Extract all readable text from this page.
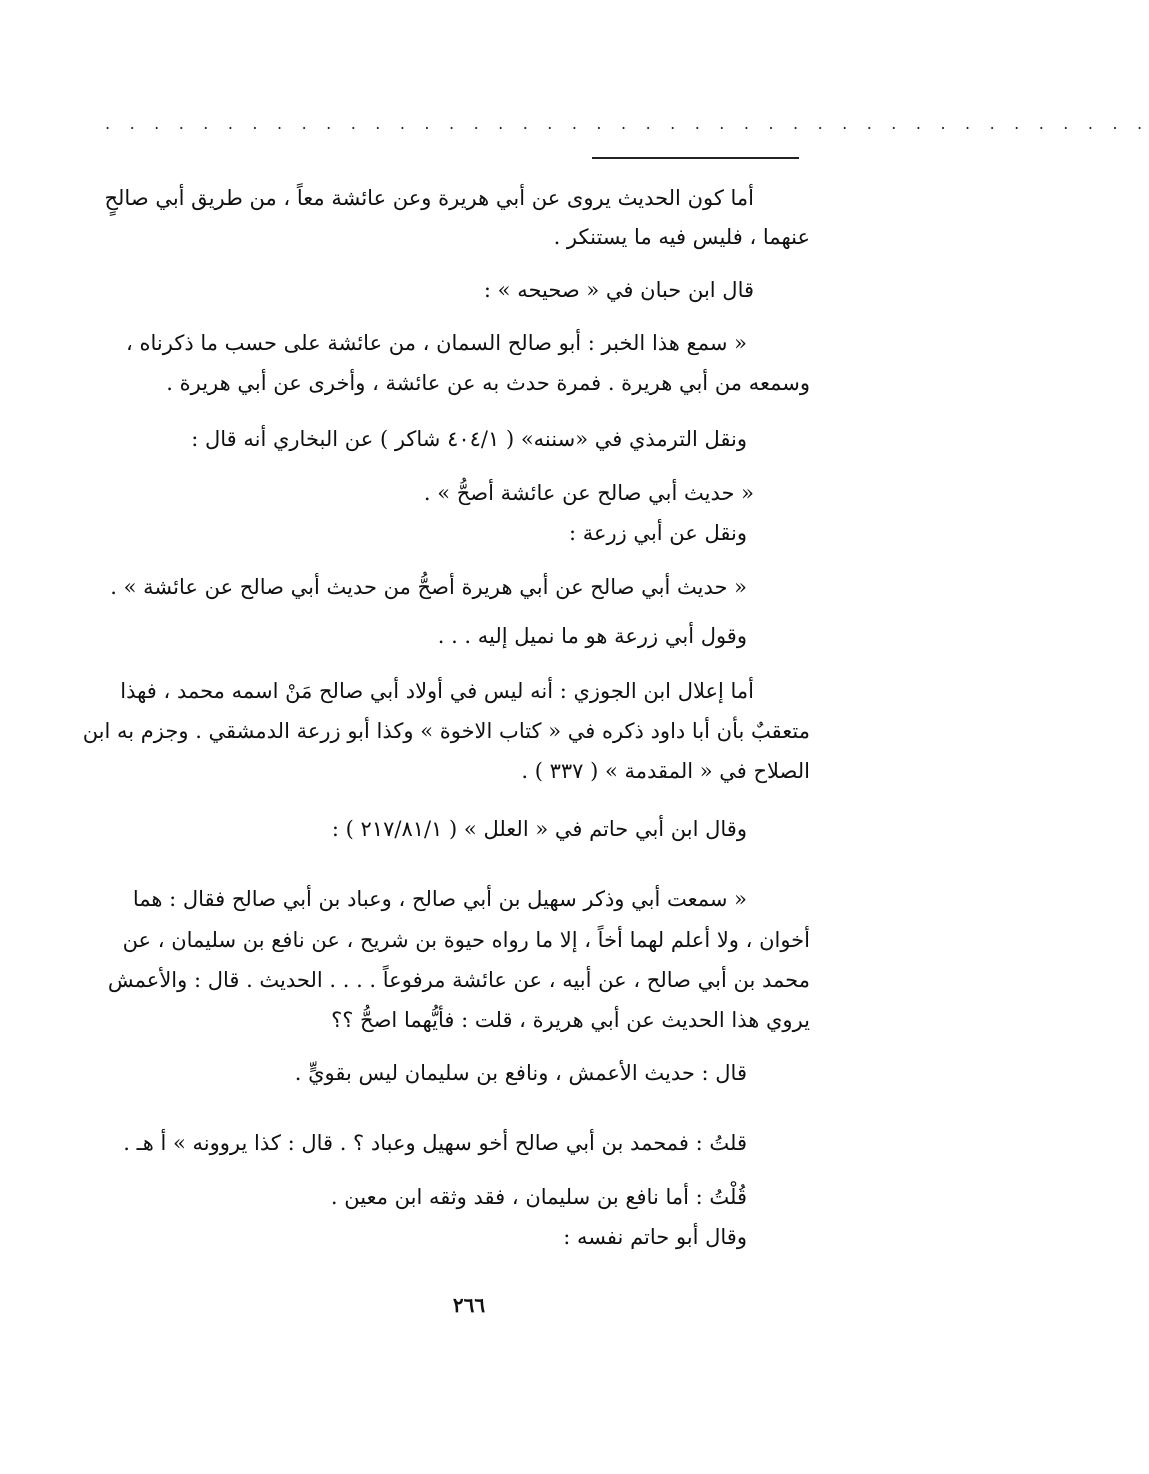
. . . . . . . . . . . . . . . . . . . . . . . . . . . . . . . . . . . . . . . . . . .
أما كون الحديث يروى عن أبي هريرة وعن عائشة معاً ، من طريق أبي صالحٍ
عنهما ، فليس فيه ما يستنكر .
قال ابن حبان في « صحيحه » :
« سمع هذا الخبر : أبو صالح السمان ، من عائشة على حسب ما ذكرناه ،
وسمعه من أبي هريرة . فمرة حدث به عن عائشة ، وأخرى عن أبي هريرة .
ونقل الترمذي في «سننه» ( ٤٠٤/١ شاكر ) عن البخاري أنه قال :
« حديث أبي صالح عن عائشة أصحُّ » .
ونقل عن أبي زرعة :
« حديث أبي صالح عن أبي هريرة أصحُّ من حديث أبي صالح عن عائشة » .
وقول أبي زرعة هو ما نميل إليه . . .
أما إعلال ابن الجوزي : أنه ليس في أولاد أبي صالح مَنْ اسمه محمد ، فهذا
متعقبٌ بأن أبا داود ذكره في « كتاب الاخوة » وكذا أبو زرعة الدمشقي . وجزم به ابن
الصلاح في « المقدمة » ( ٣٣٧ ) .
وقال ابن أبي حاتم في « العلل » ( ٢١٧/٨١/١ ) :
« سمعت أبي وذكر سهيل بن أبي صالح ، وعباد بن أبي صالح فقال : هما
أخوان ، ولا أعلم لهما أخاً ، إلا ما رواه حيوة بن شريح ، عن نافع بن سليمان ، عن
محمد بن أبي صالح ، عن أبيه ، عن عائشة مرفوعاً . . . . الحديث . قال : والأعمش
يروي هذا الحديث عن أبي هريرة ، قلت : فأيُّهما اصحُّ ؟؟
قال : حديث الأعمش ، ونافع بن سليمان ليس بقويٍّ .
قلتُ : فمحمد بن أبي صالح أخو سهيل وعباد ؟ . قال : كذا يروونه » أ هـ .
قُلْتُ : أما نافع بن سليمان ، فقد وثقه ابن معين .
وقال أبو حاتم نفسه :
٢٦٦
